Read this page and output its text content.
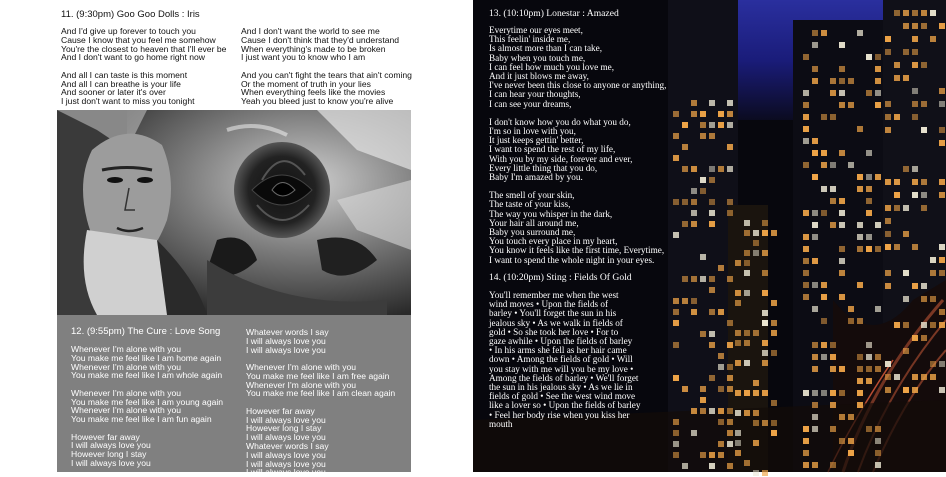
11. (9:30pm) Goo Goo Dolls : Iris
And I'd give up forever to touch you
Cause I know that you feel me somehow
You're the closest to heaven that I'll ever be
And I don't want to go home right now
And all I can taste is this moment
And all I can breathe is your life
And sooner or later it's over
I just don't want to miss you tonight
And I don't want the world to see me
Cause I don't think that they'd understand
When everything's made to be broken
I just want you to know who I am
And you can't fight the tears that ain't coming
Or the moment of truth in your lies
When everything feels like the movies
Yeah you bleed just to know you're alive
12. (9:55pm) The Cure : Love Song
Whenever I'm alone with you
You make me feel like I am home again
Whenever I'm alone with you
You make me feel like I am whole again
Whenever I'm alone with you
You make me feel like I am young again
Whenever I'm alone with you
You make me feel like I am fun again
However far away
I will always love you
However long I stay
I will always love you
Whatever words I say
I will always love you
I will always love you
Whenever I'm alone with you
You make me feel like I am free again
Whenever I'm alone with you
You make me feel like I am clean again
However far away
I will always love you
However long I stay
I will always love you
Whatever words I say
I will always love you
I will always love you
I will always love you
13. (10:10pm) Lonestar : Amazed
Everytime our eyes meet,
This feelin' inside me,
Is almost more than I can take,
Baby when you touch me,
I can feel how much you love me,
And it just blows me away,
I've never been this close to anyone or anything,
I can hear your thoughts,
I can see your dreams,
I don't know how you do what you do,
I'm so in love with you,
It just keeps gettin' better,
I want to spend the rest of my life,
With you by my side, forever and ever,
Every little thing that you do,
Baby I'm amazed by you.
The smell of your skin,
The taste of your kiss,
The way you whisper in the dark,
Your hair all around me,
Baby you surround me,
You touch every place in my heart,
You know it feels like the first time, Everytime,
I want to spend the whole night in your eyes.
14. (10:20pm) Sting : Fields Of Gold
You'll remember me when the west
wind moves • Upon the fields of
barley • You'll forget the sun in his
jealous sky • As we walk in fields of
gold • So she took her love • For to
gaze awhile • Upon the fields of barley
• In his arms she fell as her hair came
down • Among the fields of gold • Will
you stay with me will you be my love •
Among the fields of barley • We'll forget
the sun in his jealous sky • As we lie in
fields of gold • See the west wind move
like a lover so • Upon the fields of barley
• Feel her body rise when you kiss her
mouth
